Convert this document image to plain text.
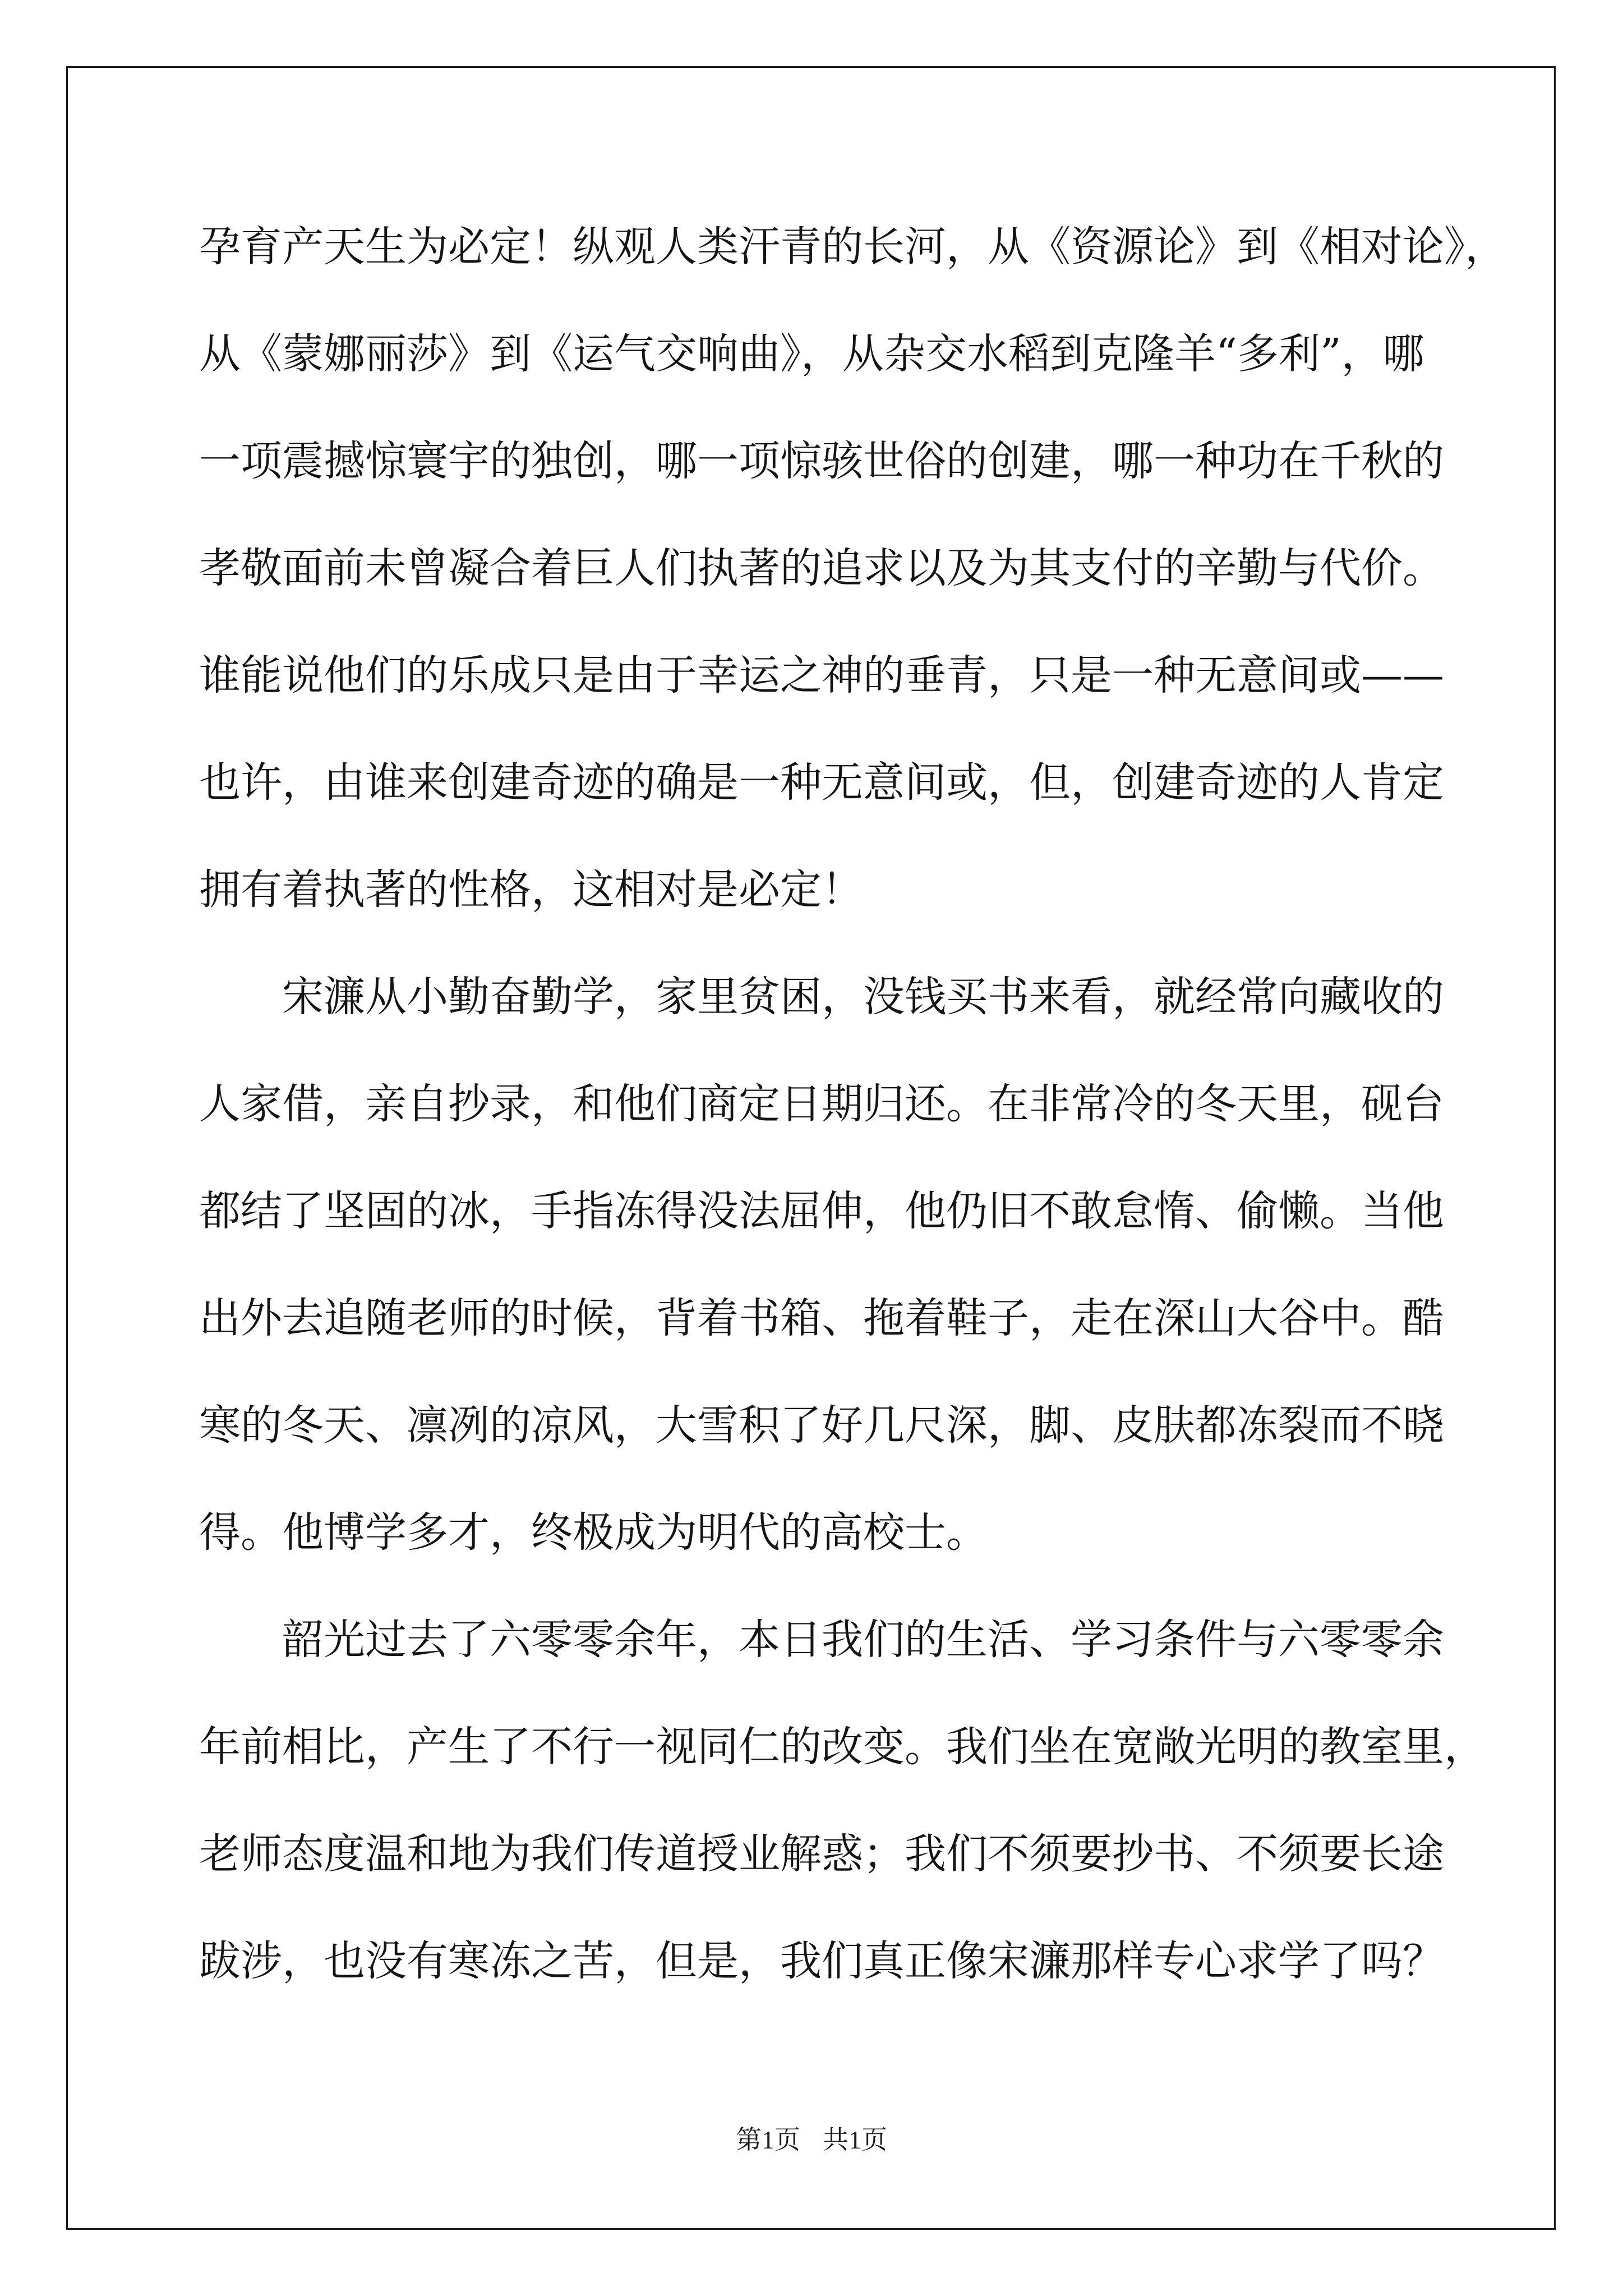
孕育产天生为必定！纵观人类汗青的长河，从《资源论》到《相对论》，
从《蒙娜丽莎》到《运气交响曲》，从杂交水稻到克隆羊“多利”，哪
一项震撼惊寰宇的独创，哪一项惊骇世俗的创建，哪一种功在千秋的
孝敬面前未曾凝合着巨人们执著的追求以及为其支付的辛勤与代价。
谁能说他们的乐成只是由于幸运之神的垂青，只是一种无意间或——
也许，由谁来创建奇迹的确是一种无意间或，但，创建奇迹的人肯定
拥有着执著的性格，这相对是必定！
　　宋濂从小勤奋勤学，家里贫困，没钱买书来看，就经常向藏收的
人家借，亲自抄录，和他们商定日期归还。在非常冷的冬天里，砚台
都结了坚固的冰，手指冻得没法屈伸，他仍旧不敢怠惰、偷懒。当他
出外去追随老师的时候，背着书箱、拖着鞋子，走在深山大谷中。酷
寒的冬天、凛冽的凉风，大雪积了好几尺深，脚、皮肤都冻裂而不晓
得。他博学多才，终极成为明代的高校士。
　　韶光过去了六零零余年，本日我们的生活、学习条件与六零零余
年前相比，产生了不行一视同仁的改变。我们坐在宽敞光明的教室里，
老师态度温和地为我们传道授业解惑；我们不须要抄书、不须要长途
跋涉，也没有寒冻之苦，但是，我们真正像宋濂那样专心求学了吗？
第1页 共1页
